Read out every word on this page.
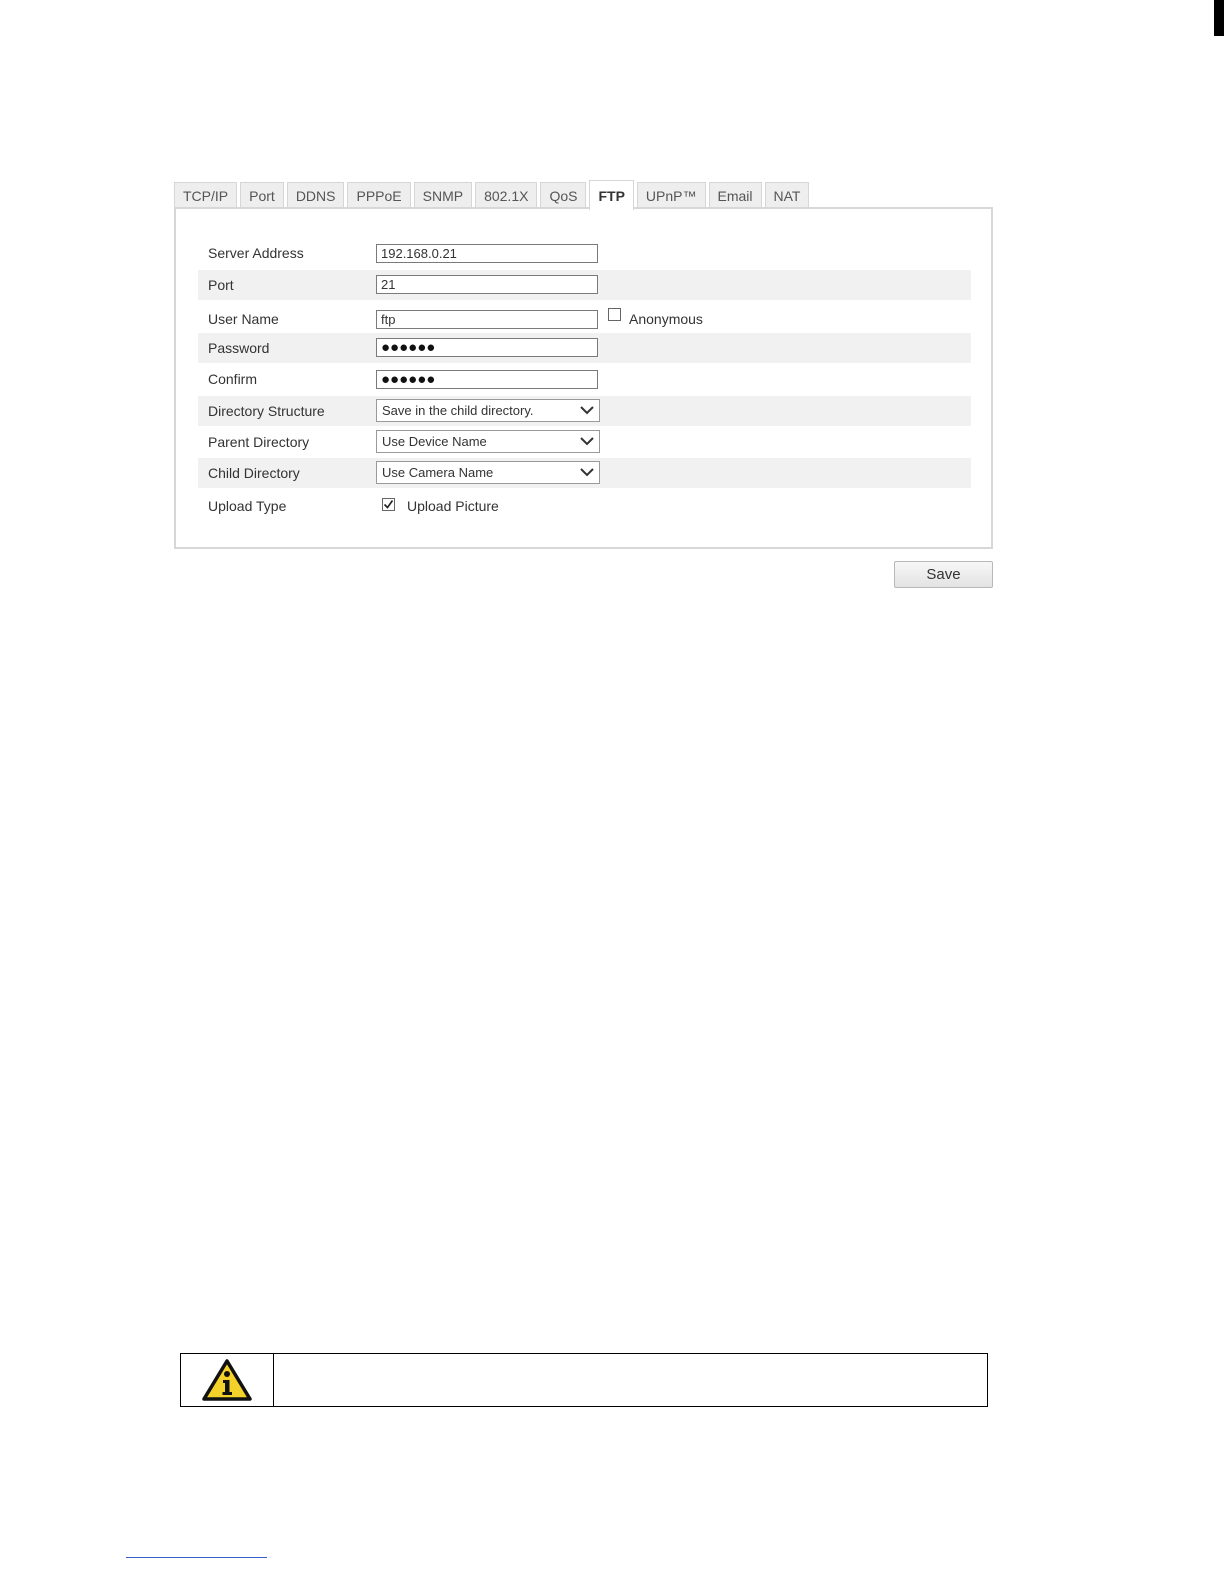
TCP/IP	Port	DDNS	PPPoE	SNMP	802.1X	QoS	FTP	UPnP™	Email	NAT
Server Address	192.168.0.21
Port	21
User Name	ftp	Anonymous
Password	●●●●●●
Confirm	●●●●●●
Directory Structure	Save in the child directory.
Parent Directory	Use Device Name
Child Directory	Use Camera Name
Upload Type	Upload Picture
Save
